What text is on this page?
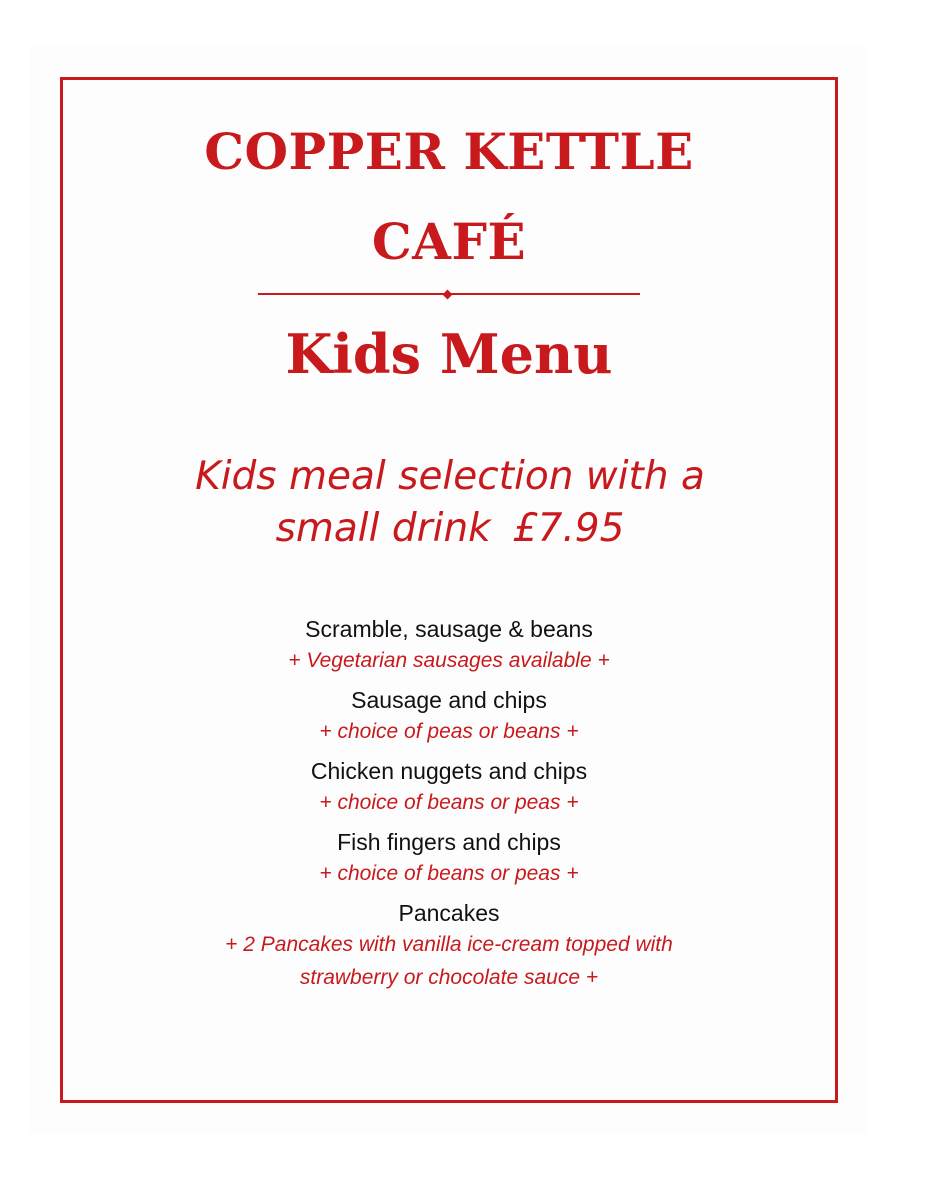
COPPER KETTLE
CAFÉ
Kids Menu

Kids meal selection with a small drink £7.95

Scramble, sausage & beans
+ Vegetarian sausages available +
Sausage and chips
+ choice of peas or beans +
Chicken nuggets and chips
+ choice of beans or peas +
Fish fingers and chips
+ choice of beans or peas +
Pancakes
+ 2 Pancakes with vanilla ice-cream topped with strawberry or chocolate sauce +
